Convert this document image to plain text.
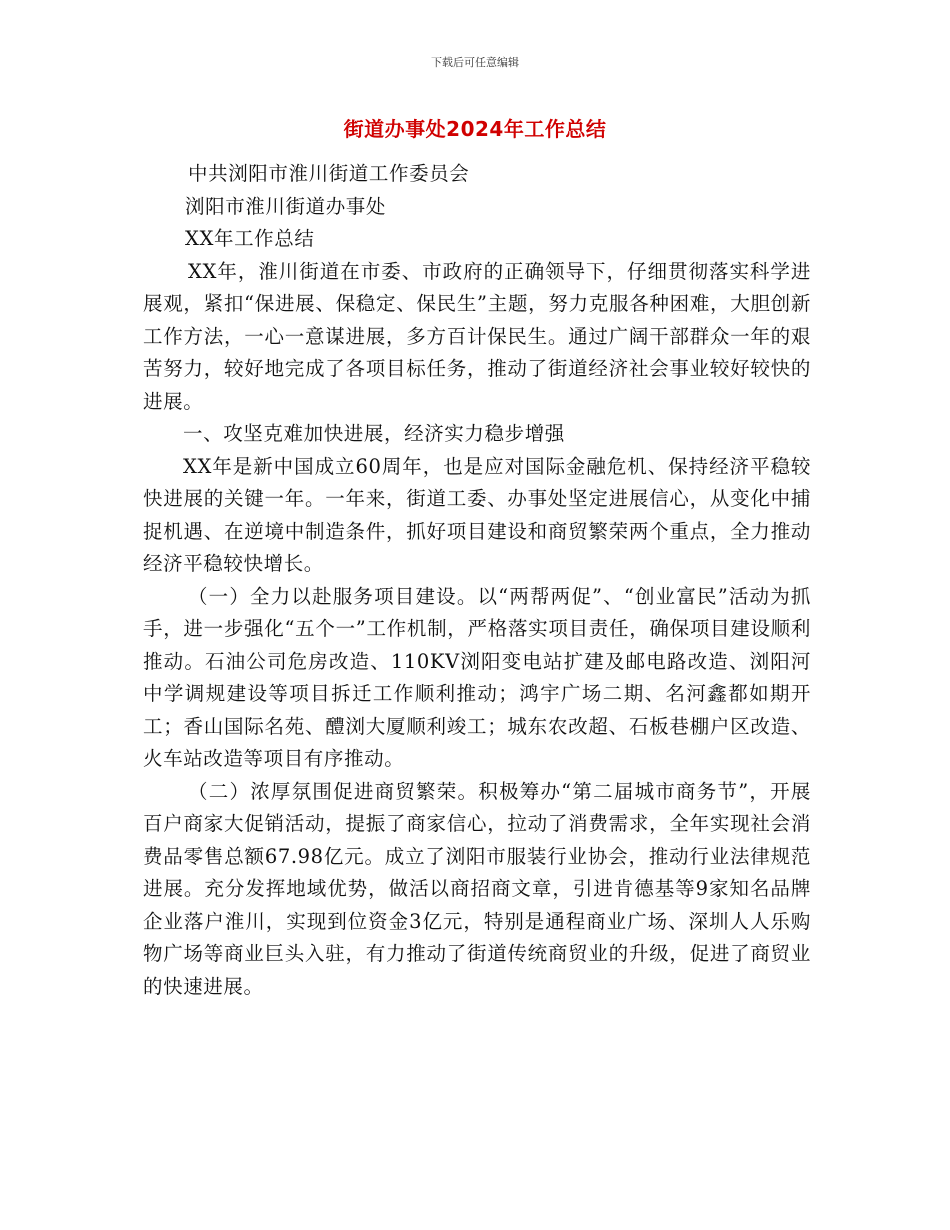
下载后可任意编辑
街道办事处2024年工作总结

中共浏阳市淮川街道工作委员会

浏阳市淮川街道办事处

XX年工作总结

XX年，淮川街道在市委、市政府的正确领导下，仔细贯彻落实科学进展观，紧扣“保进展、保稳定、保民生”主题，努力克服各种困难，大胆创新工作方法，一心一意谋进展，多方百计保民生。通过广阔干部群众一年的艰苦努力，较好地完成了各项目标任务，推动了街道经济社会事业较好较快的进展。

一、攻坚克难加快进展，经济实力稳步增强

XX年是新中国成立60周年，也是应对国际金融危机、保持经济平稳较快进展的关键一年。一年来，街道工委、办事处坚定进展信心，从变化中捕捉机遇、在逆境中制造条件，抓好项目建设和商贸繁荣两个重点，全力推动经济平稳较快增长。

（一）全力以赴服务项目建设。以“两帮两促”、“创业富民”活动为抓手，进一步强化“五个一”工作机制，严格落实项目责任，确保项目建设顺利推动。石油公司危房改造、110KV浏阳变电站扩建及邮电路改造、浏阳河中学调规建设等项目拆迁工作顺利推动；鸿宇广场二期、名河鑫都如期开工；香山国际名苑、醴浏大厦顺利竣工；城东农改超、石板巷棚户区改造、火车站改造等项目有序推动。

（二）浓厚氛围促进商贸繁荣。积极筹办“第二届城市商务节”，开展百户商家大促销活动，提振了商家信心，拉动了消费需求，全年实现社会消费品零售总额67.98亿元。成立了浏阳市服装行业协会，推动行业法律规范进展。充分发挥地域优势，做活以商招商文章，引进肯德基等9家知名品牌企业落户淮川，实现到位资金3亿元，特别是通程商业广场、深圳人人乐购物广场等商业巨头入驻，有力推动了街道传统商贸业的升级，促进了商贸业的快速进展。
